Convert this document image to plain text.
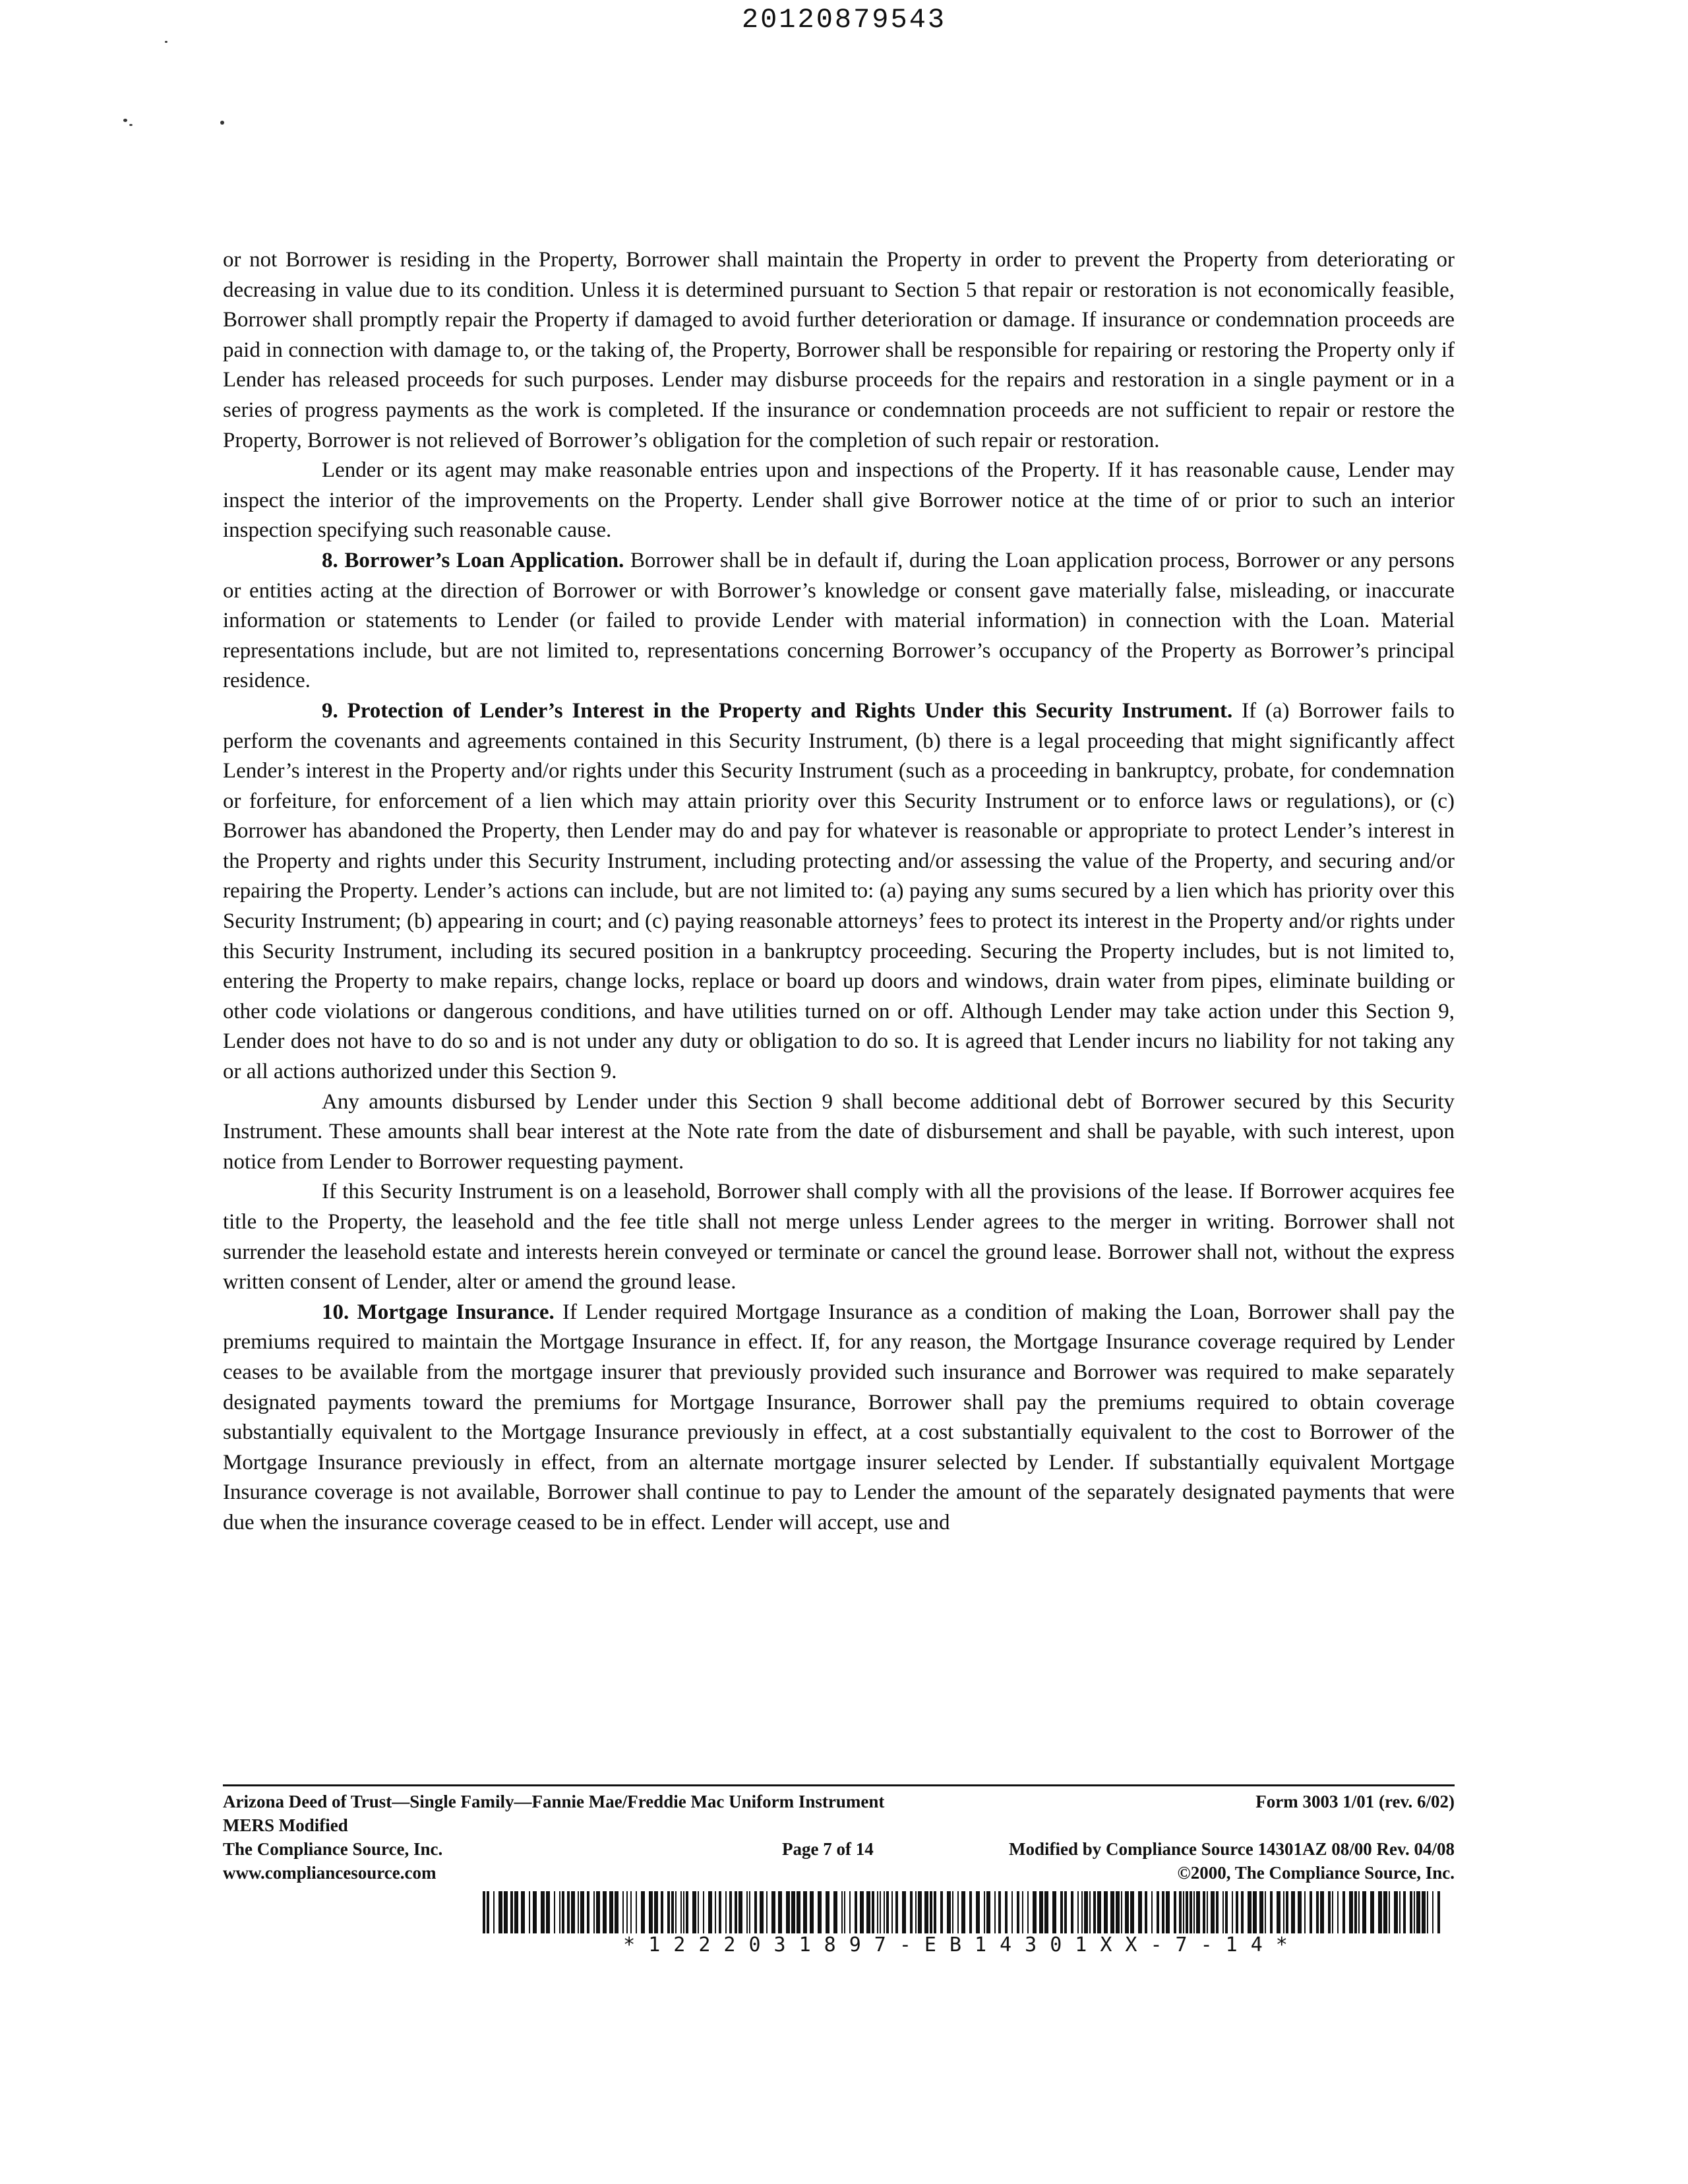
20120879543

or not Borrower is residing in the Property, Borrower shall maintain the Property in order to prevent the Property from deteriorating or decreasing in value due to its condition. Unless it is determined pursuant to Section 5 that repair or restoration is not economically feasible, Borrower shall promptly repair the Property if damaged to avoid further deterioration or damage. If insurance or condemnation proceeds are paid in connection with damage to, or the taking of, the Property, Borrower shall be responsible for repairing or restoring the Property only if Lender has released proceeds for such purposes. Lender may disburse proceeds for the repairs and restoration in a single payment or in a series of progress payments as the work is completed. If the insurance or condemnation proceeds are not sufficient to repair or restore the Property, Borrower is not relieved of Borrower’s obligation for the completion of such repair or restoration.

Lender or its agent may make reasonable entries upon and inspections of the Property. If it has reasonable cause, Lender may inspect the interior of the improvements on the Property. Lender shall give Borrower notice at the time of or prior to such an interior inspection specifying such reasonable cause.

8. Borrower’s Loan Application. Borrower shall be in default if, during the Loan application process, Borrower or any persons or entities acting at the direction of Borrower or with Borrower’s knowledge or consent gave materially false, misleading, or inaccurate information or statements to Lender (or failed to provide Lender with material information) in connection with the Loan. Material representations include, but are not limited to, representations concerning Borrower’s occupancy of the Property as Borrower’s principal residence.

9. Protection of Lender’s Interest in the Property and Rights Under this Security Instrument. If (a) Borrower fails to perform the covenants and agreements contained in this Security Instrument, (b) there is a legal proceeding that might significantly affect Lender’s interest in the Property and/or rights under this Security Instrument (such as a proceeding in bankruptcy, probate, for condemnation or forfeiture, for enforcement of a lien which may attain priority over this Security Instrument or to enforce laws or regulations), or (c) Borrower has abandoned the Property, then Lender may do and pay for whatever is reasonable or appropriate to protect Lender’s interest in the Property and rights under this Security Instrument, including protecting and/or assessing the value of the Property, and securing and/or repairing the Property. Lender’s actions can include, but are not limited to: (a) paying any sums secured by a lien which has priority over this Security Instrument; (b) appearing in court; and (c) paying reasonable attorneys’ fees to protect its interest in the Property and/or rights under this Security Instrument, including its secured position in a bankruptcy proceeding. Securing the Property includes, but is not limited to, entering the Property to make repairs, change locks, replace or board up doors and windows, drain water from pipes, eliminate building or other code violations or dangerous conditions, and have utilities turned on or off. Although Lender may take action under this Section 9, Lender does not have to do so and is not under any duty or obligation to do so. It is agreed that Lender incurs no liability for not taking any or all actions authorized under this Section 9.

Any amounts disbursed by Lender under this Section 9 shall become additional debt of Borrower secured by this Security Instrument. These amounts shall bear interest at the Note rate from the date of disbursement and shall be payable, with such interest, upon notice from Lender to Borrower requesting payment.

If this Security Instrument is on a leasehold, Borrower shall comply with all the provisions of the lease. If Borrower acquires fee title to the Property, the leasehold and the fee title shall not merge unless Lender agrees to the merger in writing. Borrower shall not surrender the leasehold estate and interests herein conveyed or terminate or cancel the ground lease. Borrower shall not, without the express written consent of Lender, alter or amend the ground lease.

10. Mortgage Insurance. If Lender required Mortgage Insurance as a condition of making the Loan, Borrower shall pay the premiums required to maintain the Mortgage Insurance in effect. If, for any reason, the Mortgage Insurance coverage required by Lender ceases to be available from the mortgage insurer that previously provided such insurance and Borrower was required to make separately designated payments toward the premiums for Mortgage Insurance, Borrower shall pay the premiums required to obtain coverage substantially equivalent to the Mortgage Insurance previously in effect, at a cost substantially equivalent to the cost to Borrower of the Mortgage Insurance previously in effect, from an alternate mortgage insurer selected by Lender. If substantially equivalent Mortgage Insurance coverage is not available, Borrower shall continue to pay to Lender the amount of the separately designated payments that were due when the insurance coverage ceased to be in effect. Lender will accept, use and

Arizona Deed of Trust—Single Family—Fannie Mae/Freddie Mac Uniform Instrument	Form 3003 1/01 (rev. 6/02)
MERS Modified
The Compliance Source, Inc.	Page 7 of 14	Modified by Compliance Source 14301AZ 08/00 Rev. 04/08
www.compliancesource.com	©2000, The Compliance Source, Inc.
*1222031897-EB14301XX-7-14*
